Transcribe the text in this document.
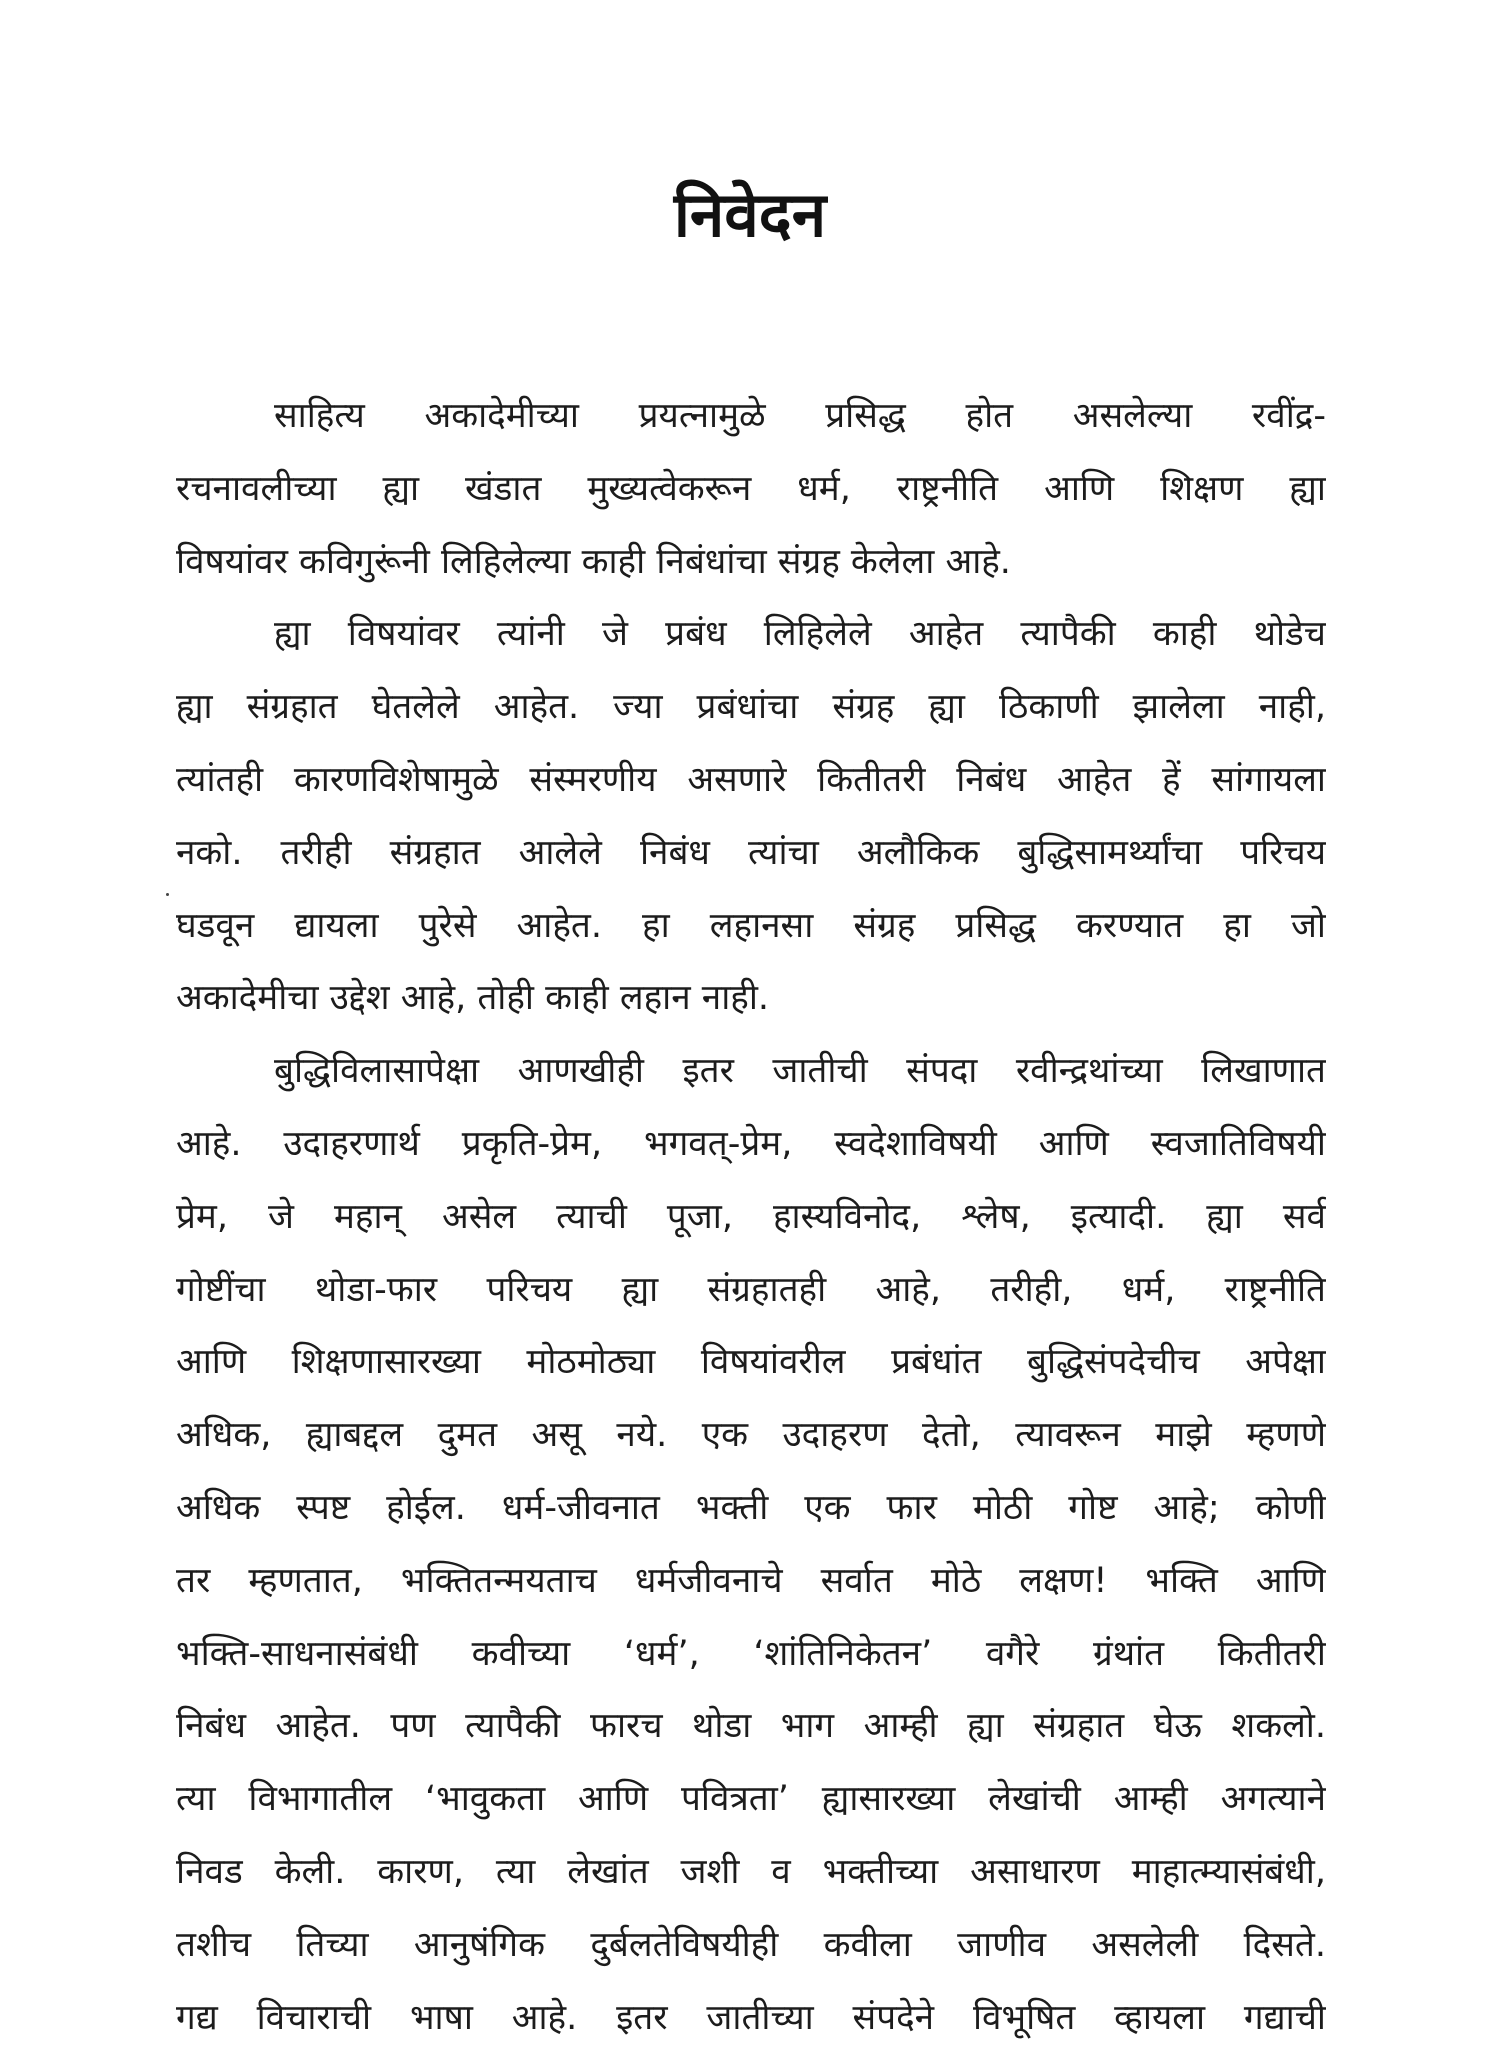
निवेदन
साहित्य अकादेमीच्या प्रयत्नामुळे प्रसिद्ध होत असलेल्या रवींद्र-
रचनावलीच्या ह्या खंडात मुख्यत्वेकरून धर्म, राष्ट्रनीति आणि शिक्षण ह्या
विषयांवर कविगुरूंनी लिहिलेल्या काही निबंधांचा संग्रह केलेला आहे.
ह्या विषयांवर त्यांनी जे प्रबंध लिहिलेले आहेत त्यापैकी काही थोडेच
ह्या संग्रहात घेतलेले आहेत. ज्या प्रबंधांचा संग्रह ह्या ठिकाणी झालेला नाही,
त्यांतही कारणविशेषामुळे संस्मरणीय असणारे कितीतरी निबंध आहेत हें सांगायला
नको. तरीही संग्रहात आलेले निबंध त्यांचा अलौकिक बुद्धिसामर्थ्यांचा परिचय
घडवून द्यायला पुरेसे आहेत. हा लहानसा संग्रह प्रसिद्ध करण्यात हा जो
अकादेमीचा उद्देश आहे, तोही काही लहान नाही.
बुद्धिविलासापेक्षा आणखीही इतर जातीची संपदा रवीन्द्रथांच्या लिखाणात
आहे. उदाहरणार्थ प्रकृति-प्रेम, भगवत्-प्रेम, स्वदेशाविषयी आणि स्वजातिविषयी
प्रेम, जे महान् असेल त्याची पूजा, हास्यविनोद, श्लेष, इत्यादी. ह्या सर्व
गोष्टींचा थोडा-फार परिचय ह्या संग्रहातही आहे, तरीही, धर्म, राष्ट्रनीति
आणि शिक्षणासारख्या मोठमोठ्या विषयांवरील प्रबंधांत बुद्धिसंपदेचीच अपेक्षा
अधिक, ह्याबद्दल दुमत असू नये. एक उदाहरण देतो, त्यावरून माझे म्हणणे
अधिक स्पष्ट होईल. धर्म-जीवनात भक्ती एक फार मोठी गोष्ट आहे; कोणी
तर म्हणतात, भक्तितन्मयताच धर्मजीवनाचे सर्वात मोठे लक्षण! भक्ति आणि
भक्ति-साधनासंबंधी कवीच्या ‘धर्म’, ‘शांतिनिकेतन’ वगैरे ग्रंथांत कितीतरी
निबंध आहेत. पण त्यापैकी फारच थोडा भाग आम्ही ह्या संग्रहात घेऊ शकलो.
त्या विभागातील ‘भावुकता आणि पवित्रता’ ह्यासारख्या लेखांची आम्ही अगत्याने
निवड केली. कारण, त्या लेखांत जशी व भक्तीच्या असाधारण माहात्म्यासंबंधी,
तशीच तिच्या आनुषंगिक दुर्बलतेविषयीही कवीला जाणीव असलेली दिसते.
गद्य विचाराची भाषा आहे. इतर जातीच्या संपदेने विभूषित व्हायला गद्याची
